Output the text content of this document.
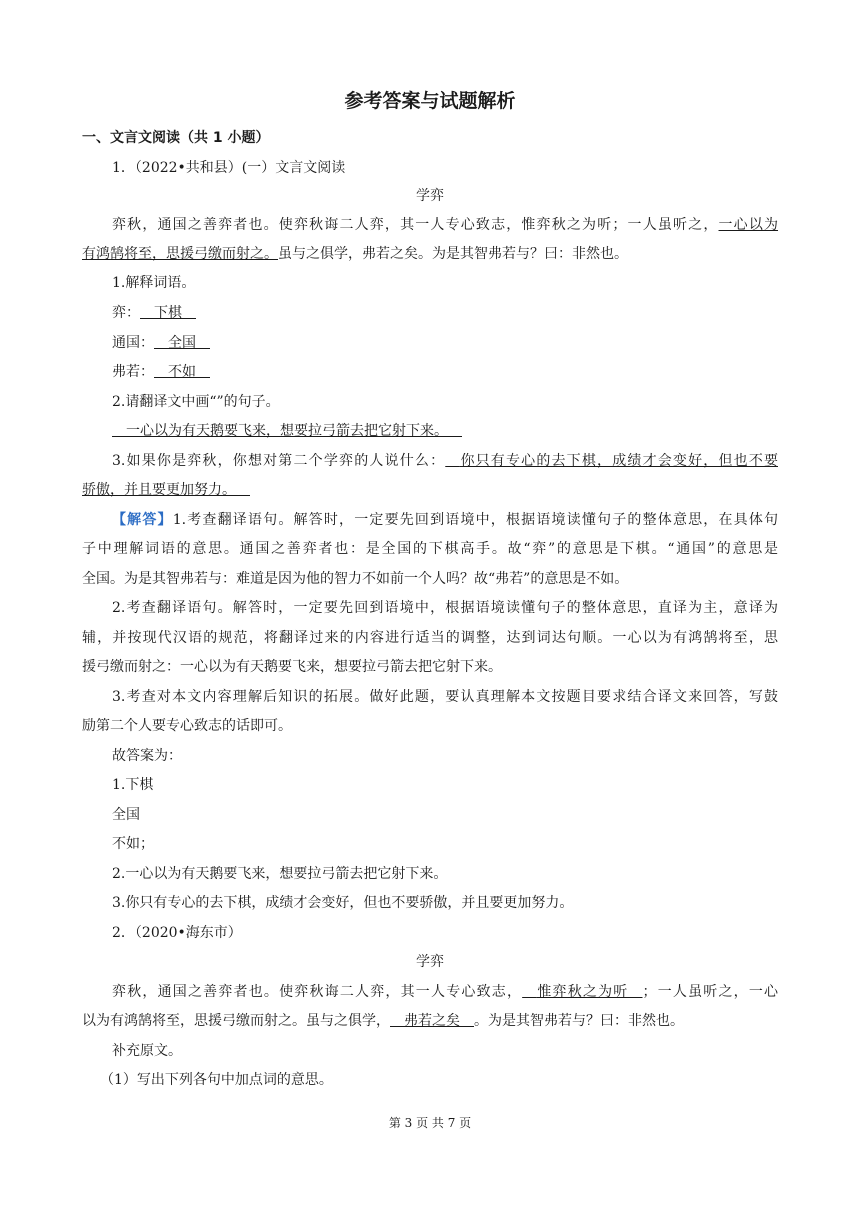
参考答案与试题解析
一、文言文阅读（共 1 小题）
1．（2022•共和县）(一）文言文阅读
学弈
弈秋，通国之善弈者也。使弈秋诲二人弈，其一人专心致志，惟弈秋之为听；一人虽听之，一心以为
有鸿鹄将至，思援弓缴而射之。虽与之俱学，弗若之矣。为是其智弗若与？曰：非然也。
1.解释词语。
弈：  下棋 
通国：  全国 
弗若：  不如 
2.请翻译文中画“”的句子。
 一心以为有天鹅要飞来，想要拉弓箭去把它射下来。 
3.如果你是弈秋，你想对第二个学弈的人说什么：  你只有专心的去下棋，成绩才会变好，但也不要
骄傲，并且要更加努力。 
【解答】1.考查翻译语句。解答时，一定要先回到语境中，根据语境读懂句子的整体意思，在具体句
子中理解词语的意思。通国之善弈者也：是全国的下棋高手。故“弈”的意思是下棋。“通国”的意思是
全国。为是其智弗若与：难道是因为他的智力不如前一个人吗？故“弗若”的意思是不如。
2.考查翻译语句。解答时，一定要先回到语境中，根据语境读懂句子的整体意思，直译为主，意译为
辅，并按现代汉语的规范，将翻译过来的内容进行适当的调整，达到词达句顺。一心以为有鸿鹄将至，思
援弓缴而射之：一心以为有天鹅要飞来，想要拉弓箭去把它射下来。
3.考查对本文内容理解后知识的拓展。做好此题，要认真理解本文按题目要求结合译文来回答，写鼓
励第二个人要专心致志的话即可。
故答案为：
1.下棋
全国
不如；
2.一心以为有天鹅要飞来，想要拉弓箭去把它射下来。
3.你只有专心的去下棋，成绩才会变好，但也不要骄傲，并且要更加努力。
2．（2020•海东市）
学弈
弈秋，通国之善弈者也。使弈秋诲二人弈，其一人专心致志，  惟弈秋之为听  ；一人虽听之，一心
以为有鸿鹄将至，思援弓缴而射之。虽与之俱学，  弗若之矣  。为是其智弗若与？曰：非然也。
补充原文。
（1）写出下列各句中加点词的意思。
第 3 页 共 7 页
